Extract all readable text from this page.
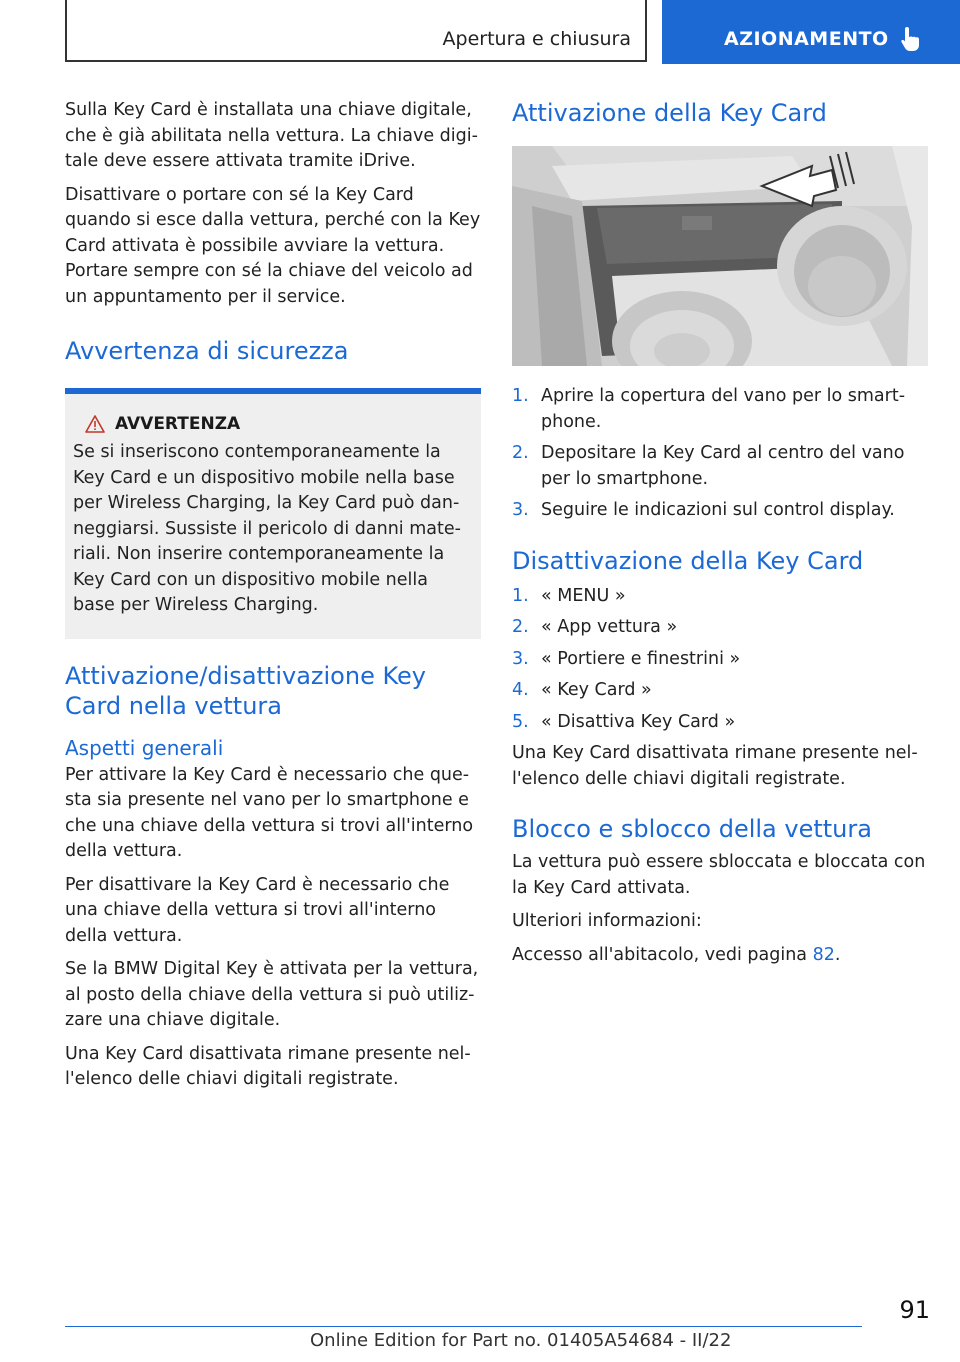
Apertura e chiusura	AZIONAMENTO

Sulla Key Card è installata una chiave digitale, che è già abilitata nella vettura. La chiave digi-tale deve essere attivata tramite iDrive.

Disattivare o portare con sé la Key Card quando si esce dalla vettura, perché con la Key Card attivata è possibile avviare la vettura. Portare sempre con sé la chiave del veicolo ad un appuntamento per il service.

Avvertenza di sicurezza
AVVERTENZA

Se si inseriscono contemporaneamente la Key Card e un dispositivo mobile nella base per Wireless Charging, la Key Card può dan-neggiarsi. Sussiste il pericolo di danni mate-riali. Non inserire contemporaneamente la Key Card con un dispositivo mobile nella base per Wireless Charging.

Attivazione/disattivazione Key Card nella vettura
Aspetti generali

Per attivare la Key Card è necessario che que-sta sia presente nel vano per lo smartphone e che una chiave della vettura si trovi all'interno della vettura.

Per disattivare la Key Card è necessario che una chiave della vettura si trovi all'interno della vettura.

Se la BMW Digital Key è attivata per la vettura, al posto della chiave della vettura si può utiliz-zare una chiave digitale.

Una Key Card disattivata rimane presente nel-l'elenco delle chiavi digitali registrate.

Attivazione della Key Card
1. Aprire la copertura del vano per lo smart-phone.
2. Depositare la Key Card al centro del vano per lo smartphone.
3. Seguire le indicazioni sul control display.
Disattivazione della Key Card
1. « MENU »
2. « App vettura »
3. « Portiere e finestrini »
4. « Key Card »
5. « Disattiva Key Card »

Una Key Card disattivata rimane presente nel-l'elenco delle chiavi digitali registrate.

Blocco e sblocco della vettura

La vettura può essere sbloccata e bloccata con la Key Card attivata.

Ulteriori informazioni:

Accesso all'abitacolo, vedi pagina 82.

91
Online Edition for Part no. 01405A54684 - II/22
